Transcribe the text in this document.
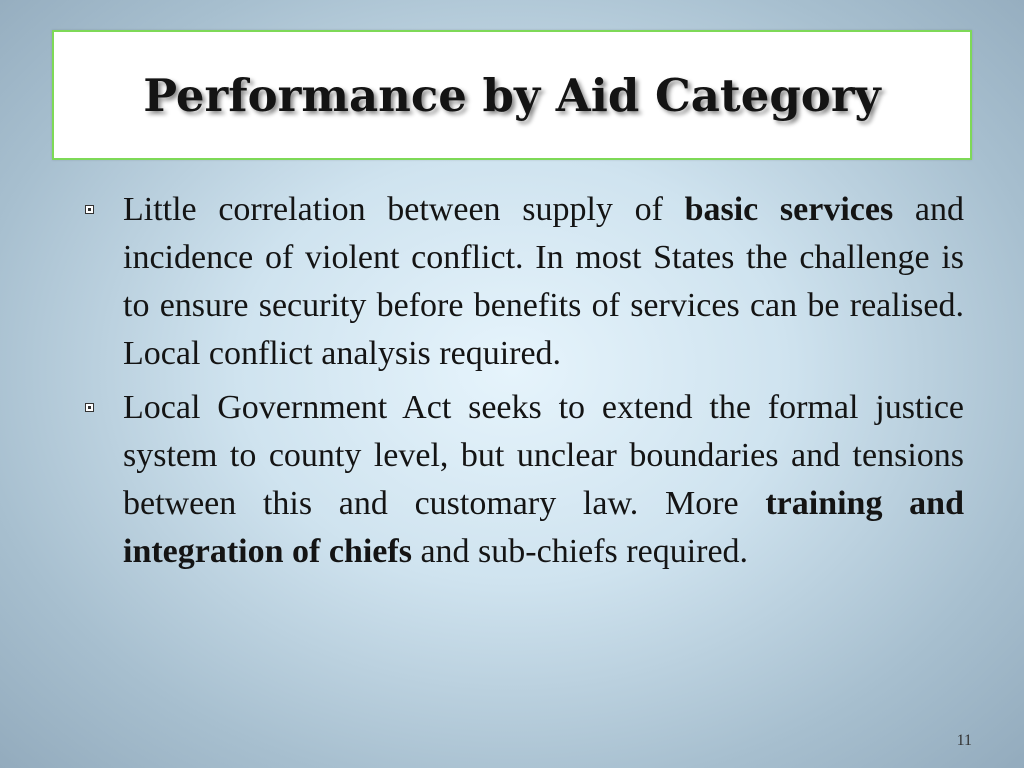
Performance by Aid Category
Little correlation between supply of basic services and incidence of violent conflict. In most States the challenge is to ensure security before benefits of services can be realised. Local conflict analysis required.
Local Government Act seeks to extend the formal justice system to county level, but unclear boundaries and tensions between this and customary law. More training and integration of chiefs and sub-chiefs required.
11
